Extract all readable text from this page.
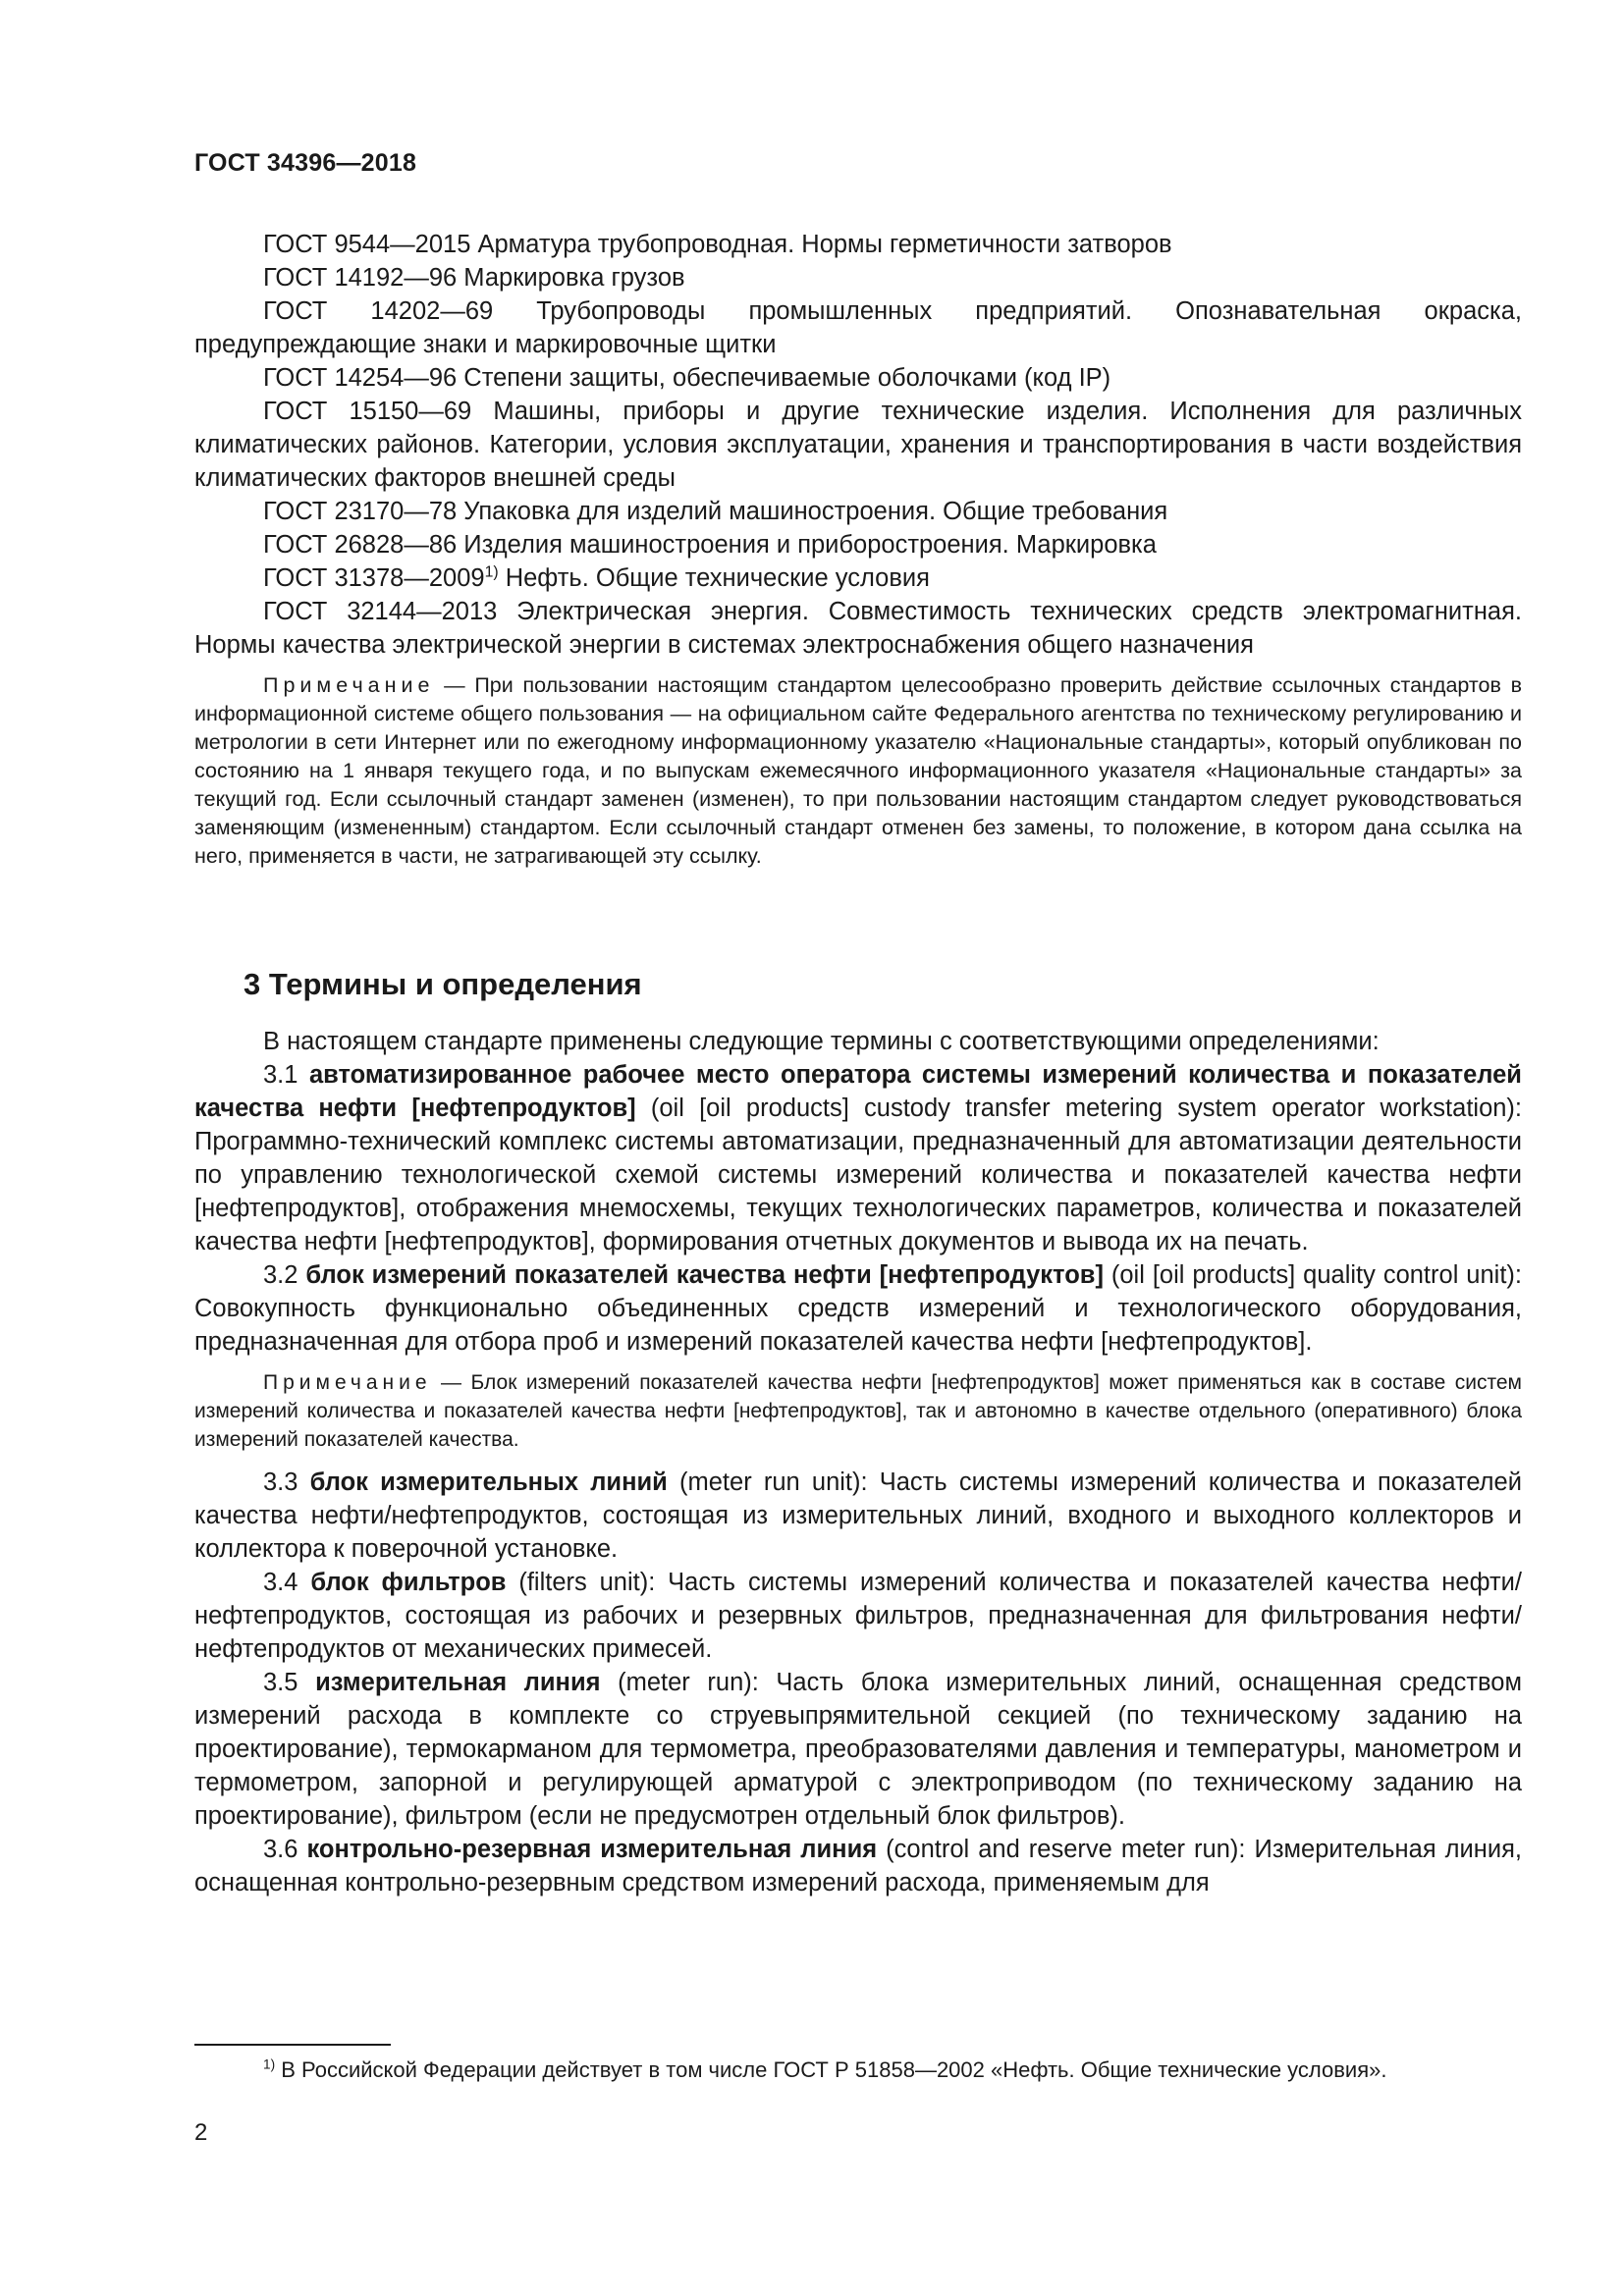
ГОСТ 34396—2018

ГОСТ 9544—2015 Арматура трубопроводная. Нормы герметичности затворов

ГОСТ 14192—96 Маркировка грузов

ГОСТ 14202—69 Трубопроводы промышленных предприятий. Опознавательная окраска, предупреждающие знаки и маркировочные щитки

ГОСТ 14254—96 Степени защиты, обеспечиваемые оболочками (код IP)

ГОСТ 15150—69 Машины, приборы и другие технические изделия. Исполнения для различных климатических районов. Категории, условия эксплуатации, хранения и транспортирования в части воздействия климатических факторов внешней среды

ГОСТ 23170—78 Упаковка для изделий машиностроения. Общие требования

ГОСТ 26828—86 Изделия машиностроения и приборостроения. Маркировка

ГОСТ 31378—2009$^{1)}$ Нефть. Общие технические условия

ГОСТ 32144—2013 Электрическая энергия. Совместимость технических средств электромагнитная. Нормы качества электрической энергии в системах электроснабжения общего назначения

Примечание — При пользовании настоящим стандартом целесообразно проверить действие ссылочных стандартов в информационной системе общего пользования — на официальном сайте Федерального агентства по техническому регулированию и метрологии в сети Интернет или по ежегодному информационному указателю «Национальные стандарты», который опубликован по состоянию на 1 января текущего года, и по выпускам ежемесячного информационного указателя «Национальные стандарты» за текущий год. Если ссылочный стандарт заменен (изменен), то при пользовании настоящим стандартом следует руководствоваться заменяющим (измененным) стандартом. Если ссылочный стандарт отменен без замены, то положение, в котором дана ссылка на него, применяется в части, не затрагивающей эту ссылку.

3 Термины и определения

В настоящем стандарте применены следующие термины с соответствующими определениями:

3.1 автоматизированное рабочее место оператора системы измерений количества и показателей качества нефти [нефтепродуктов] (oil [oil products] custody transfer metering system operator workstation): Программно-технический комплекс системы автоматизации, предназначенный для автоматизации деятельности по управлению технологической схемой системы измерений количества и показателей качества нефти [нефтепродуктов], отображения мнемосхемы, текущих технологических параметров, количества и показателей качества нефти [нефтепродуктов], формирования отчетных документов и вывода их на печать.

3.2 блок измерений показателей качества нефти [нефтепродуктов] (oil [oil products] quality control unit): Совокупность функционально объединенных средств измерений и технологического оборудования, предназначенная для отбора проб и измерений показателей качества нефти [нефтепродуктов].

Примечание — Блок измерений показателей качества нефти [нефтепродуктов] может применяться как в составе систем измерений количества и показателей качества нефти [нефтепродуктов], так и автономно в качестве отдельного (оперативного) блока измерений показателей качества.

3.3 блок измерительных линий (meter run unit): Часть системы измерений количества и показателей качества нефти/нефтепродуктов, состоящая из измерительных линий, входного и выходного коллекторов и коллектора к поверочной установке.

3.4 блок фильтров (filters unit): Часть системы измерений количества и показателей качества нефти/нефтепродуктов, состоящая из рабочих и резервных фильтров, предназначенная для фильтрования нефти/нефтепродуктов от механических примесей.

3.5 измерительная линия (meter run): Часть блока измерительных линий, оснащенная средством измерений расхода в комплекте со струевыпрямительной секцией (по техническому заданию на проектирование), термокарманом для термометра, преобразователями давления и температуры, манометром и термометром, запорной и регулирующей арматурой с электроприводом (по техническому заданию на проектирование), фильтром (если не предусмотрен отдельный блок фильтров).

3.6 контрольно-резервная измерительная линия (control and reserve meter run): Измерительная линия, оснащенная контрольно-резервным средством измерений расхода, применяемым для

$^{1)}$ В Российской Федерации действует в том числе ГОСТ Р 51858—2002 «Нефть. Общие технические условия».

2
